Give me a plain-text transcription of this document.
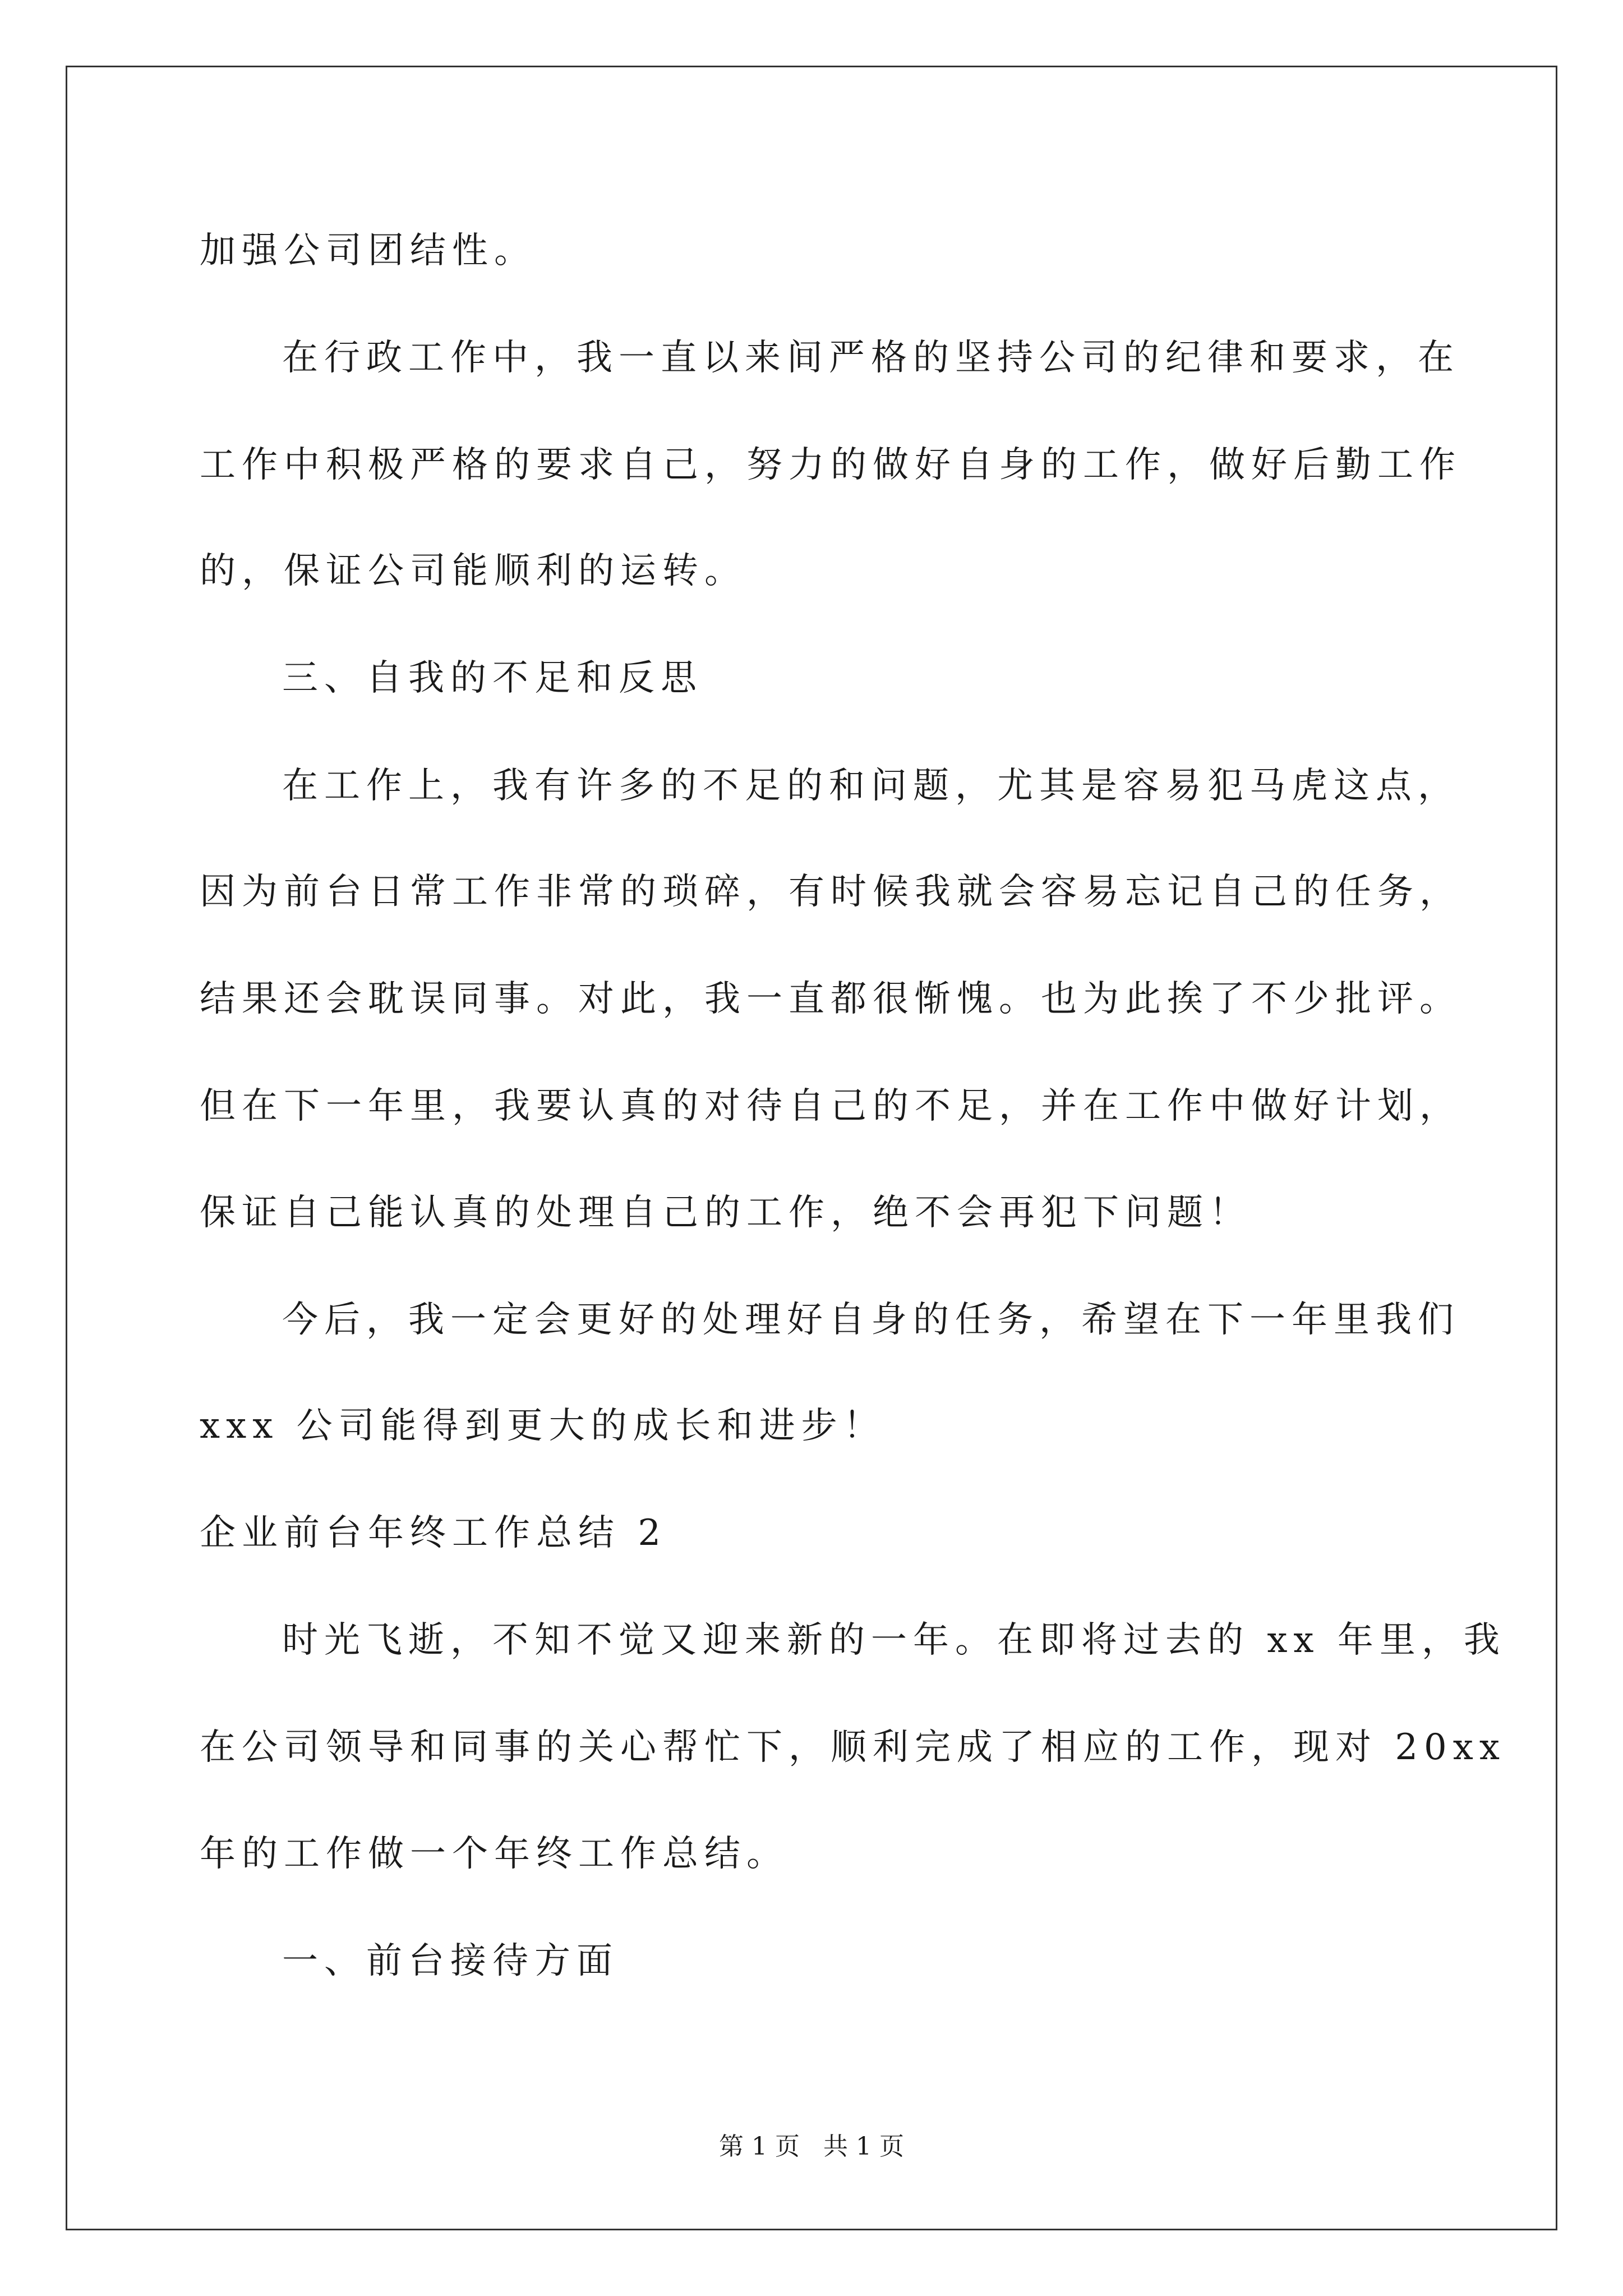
加强公司团结性。
在行政工作中，我一直以来间严格的坚持公司的纪律和要求，在
工作中积极严格的要求自己，努力的做好自身的工作，做好后勤工作
的，保证公司能顺利的运转。
三、自我的不足和反思
在工作上，我有许多的不足的和问题，尤其是容易犯马虎这点，
因为前台日常工作非常的琐碎，有时候我就会容易忘记自己的任务，
结果还会耽误同事。对此，我一直都很惭愧。也为此挨了不少批评。
但在下一年里，我要认真的对待自己的不足，并在工作中做好计划，
保证自己能认真的处理自己的工作，绝不会再犯下问题！
今后，我一定会更好的处理好自身的任务，希望在下一年里我们
xxx 公司能得到更大的成长和进步！
企业前台年终工作总结 2
时光飞逝，不知不觉又迎来新的一年。在即将过去的 xx 年里，我
在公司领导和同事的关心帮忙下，顺利完成了相应的工作，现对 20xx
年的工作做一个年终工作总结。
一、前台接待方面
第 1 页   共 1 页
